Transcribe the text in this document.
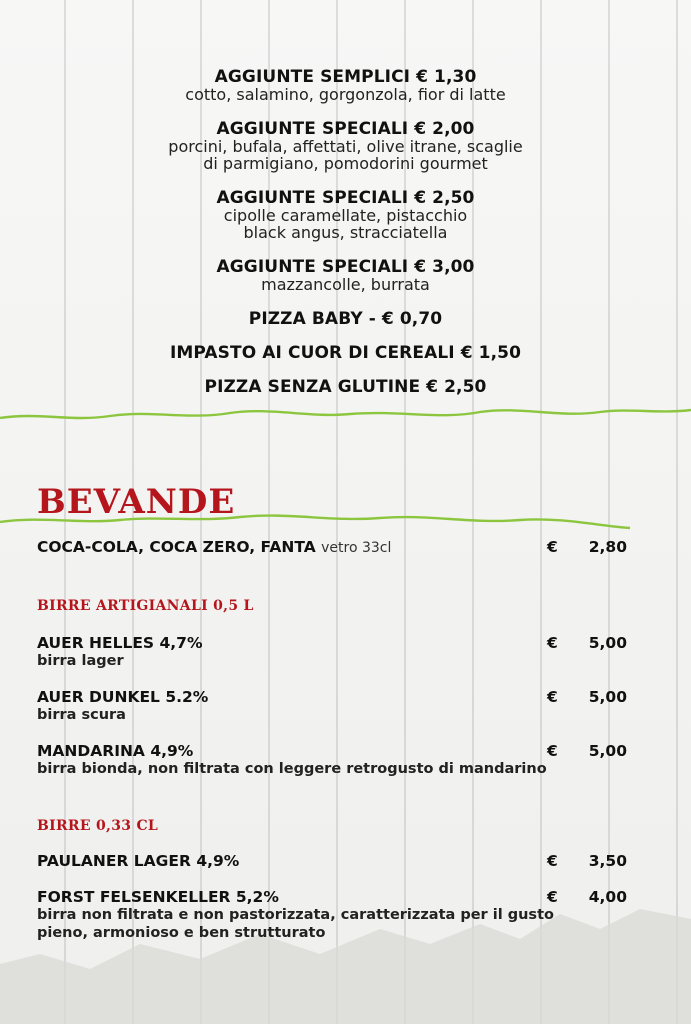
AGGIUNTE SEMPLICI € 1,30
cotto, salamino, gorgonzola, fior di latte
AGGIUNTE SPECIALI € 2,00
porcini, bufala, affettati, olive itrane, scaglie
di parmigiano, pomodorini gourmet
AGGIUNTE SPECIALI € 2,50
cipolle caramellate, pistacchio
black angus, stracciatella
AGGIUNTE SPECIALI € 3,00
mazzancolle, burrata
PIZZA BABY - € 0,70
IMPASTO AI CUOR DI CEREALI € 1,50
PIZZA SENZA GLUTINE € 2,50
BEVANDE
COCA-COLA, COCA ZERO, FANTA vetro 33cl	€ 2,80
BIRRE ARTIGIANALI 0,5 L
AUER HELLES 4,7%
birra lager
€ 5,00
AUER DUNKEL 5.2%
birra scura
€ 5,00
MANDARINA 4,9%
birra bionda, non filtrata con leggere retrogusto di mandarino
€ 5,00
BIRRE 0,33 CL
PAULANER LAGER 4,9%	€ 3,50
FORST FELSENKELLER 5,2%
birra non filtrata e non pastorizzata, caratterizzata per il gusto
pieno, armonioso e ben strutturato
€ 4,00
